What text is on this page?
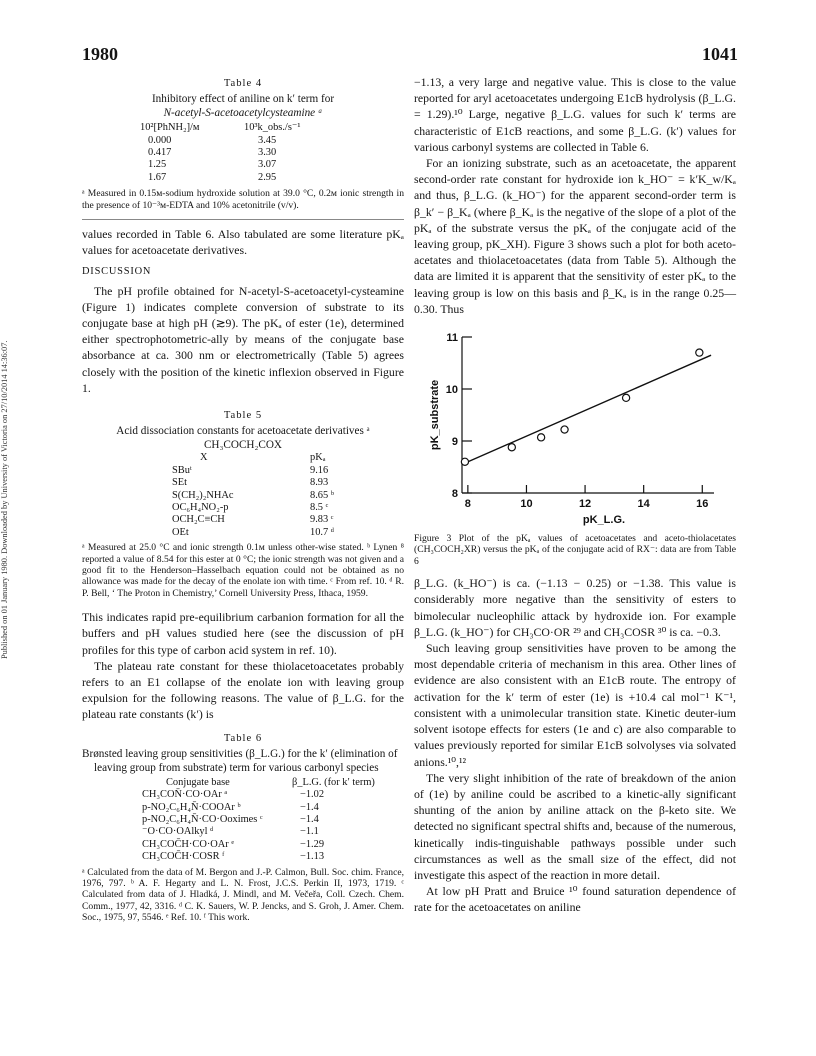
1980	1041
Published on 01 January 1980. Downloaded by University of Victoria on 27/10/2014 14:36:07.
Table 4
Inhibitory effect of aniline on k′ term for
N-acetyl-S-acetoacetylcysteamine ᵃ
10²[PhNH₂]/м	10³k_obs./s⁻¹
0.000	3.45
0.417	3.30
1.25	3.07
1.67	2.95
ᵃ Measured in 0.15м-sodium hydroxide solution at 39.0 °C, 0.2м ionic strength in the presence of 10⁻³м-EDTA and 10% acetonitrile (v/v).

values recorded in Table 6. Also tabulated are some literature pKₐ values for acetoacetate derivatives.

DISCUSSION

The pH profile obtained for N-acetyl-S-acetoacetyl-cysteamine (Figure 1) indicates complete conversion of substrate to its conjugate base at high pH (≳9). The pKₐ of ester (1e), determined either spectrophotometric-ally by means of the conjugate base absorbance at ca. 300 nm or electrometrically (Table 5) agrees closely with the position of the kinetic inflexion observed in Figure 1.

Table 5
Acid dissociation constants for acetoacetate derivatives ᵃ
CH₃COCH₂COX
X	pKₐ
SBuᵗ	9.16
SEt	8.93
S(CH₂)₂NHAc	8.65 ᵇ
OC₆H₄NO₂-p	8.5 ᶜ
OCH₂C≡CH	9.83 ᶜ
OEt	10.7 ᵈ
ᵃ Measured at 25.0 °C and ionic strength 0.1м unless other-wise stated. ᵇ Lynen ⁸ reported a value of 8.54 for this ester at 0 °C; the ionic strength was not given and a good fit to the Henderson–Hasselbach equation could not be obtained as no allowance was made for the decay of the enolate ion with time. ᶜ From ref. 10. ᵈ R. P. Bell, ‘ The Proton in Chemistry,’ Cornell University Press, Ithaca, 1959.

This indicates rapid pre-equilibrium carbanion formation for all the buffers and pH values studied here (see the discussion of pH profiles for this type of carbon acid system in ref. 10).

The plateau rate constant for these thiolacetoacetates probably refers to an E1 collapse of the enolate ion with leaving group expulsion for the following reasons. The value of β_L.G. for the plateau rate constants (k′) is

Table 6
Brønsted leaving group sensitivities (β_L.G.) for the k′ (elimination of leaving group from substrate) term for various carbonyl species
Conjugate base	β_L.G. (for k′ term)
CH₃CON̄·CO·OAr ᵃ	−1.02
p-NO₂C₆H₄N̄·COOAr ᵇ	−1.4
p-NO₂C₆H₄N̄·CO·Ooximes ᶜ	−1.4
⁻O·CO·OAlkyl ᵈ	−1.1
CH₃COC̄H·CO·OAr ᵉ	−1.29
CH₃COC̄H·COSR ᶠ	−1.13
ᵃ Calculated from the data of M. Bergon and J.-P. Calmon, Bull. Soc. chim. France, 1976, 797. ᵇ A. F. Hegarty and L. N. Frost, J.C.S. Perkin II, 1973, 1719. ᶜ Calculated from data of J. Hladká, J. Mindl, and M. Večeřa, Coll. Czech. Chem. Comm., 1977, 42, 3316. ᵈ C. K. Sauers, W. P. Jencks, and S. Groh, J. Amer. Chem. Soc., 1975, 97, 5546. ᵉ Ref. 10. ᶠ This work.

−1.13, a very large and negative value. This is close to the value reported for aryl acetoacetates undergoing E1cB hydrolysis (β_L.G. = 1.29).¹⁰ Large, negative β_L.G. values for such k′ terms are characteristic of E1cB reactions, and some β_L.G. (k′) values for various carbonyl systems are collected in Table 6.

For an ionizing substrate, such as an acetoacetate, the apparent second-order rate constant for hydroxide ion k_HO⁻ = k′K_w/Kₐ and thus, β_L.G. (k_HO⁻) for the apparent second-order term is β_k′ − β_Kₐ (where β_Kₐ is the negative of the slope of a plot of the pKₐ of the substrate versus the pKₐ of the conjugate acid of the leaving group, pK_XH). Figure 3 shows such a plot for both aceto-acetates and thiolacetoacetates (data from Table 5). Although the data are limited it is apparent that the sensitivity of ester pKₐ to the leaving group is low on this basis and β_Kₐ is in the range 0.25—0.30. Thus

8	10	12	14	16
8
9
10
11
pK_substrate
pK_L.G.
Figure 3 Plot of the pKₐ values of acetoacetates and aceto-thiolacetates (CH₃COCH₂XR) versus the pKₐ of the conjugate acid of RX⁻: data are from Table 6

β_L.G. (k_HO⁻) is ca. (−1.13 − 0.25) or −1.38. This value is considerably more negative than the sensitivity of esters to bimolecular nucleophilic attack by hydroxide ion. For example β_L.G. (k_HO⁻) for CH₃CO·OR ²⁹ and CH₃COSR ³⁰ is ca. −0.3.

Such leaving group sensitivities have proven to be among the most dependable criteria of mechanism in this area. Other lines of evidence are also consistent with an E1cB route. The entropy of activation for the k′ term of ester (1e) is +10.4 cal mol⁻¹ K⁻¹, consistent with a unimolecular transition state. Kinetic deuter-ium solvent isotope effects for esters (1e and c) are also comparable to values previously reported for similar E1cB solvolyses via solvated anions.¹⁰,¹²

The very slight inhibition of the rate of breakdown of the anion of (1e) by aniline could be ascribed to a kinetic-ally significant shunting of the anion by aniline attack on the β-keto site. We detected no significant spectral shifts and, because of the numerous, kinetically indis-tinguishable pathways possible under such circumstances as well as the small size of the effect, did not investigate this aspect of the reaction in more detail.

At low pH Pratt and Bruice ¹⁰ found saturation dependence of rate for the acetoacetates on aniline
